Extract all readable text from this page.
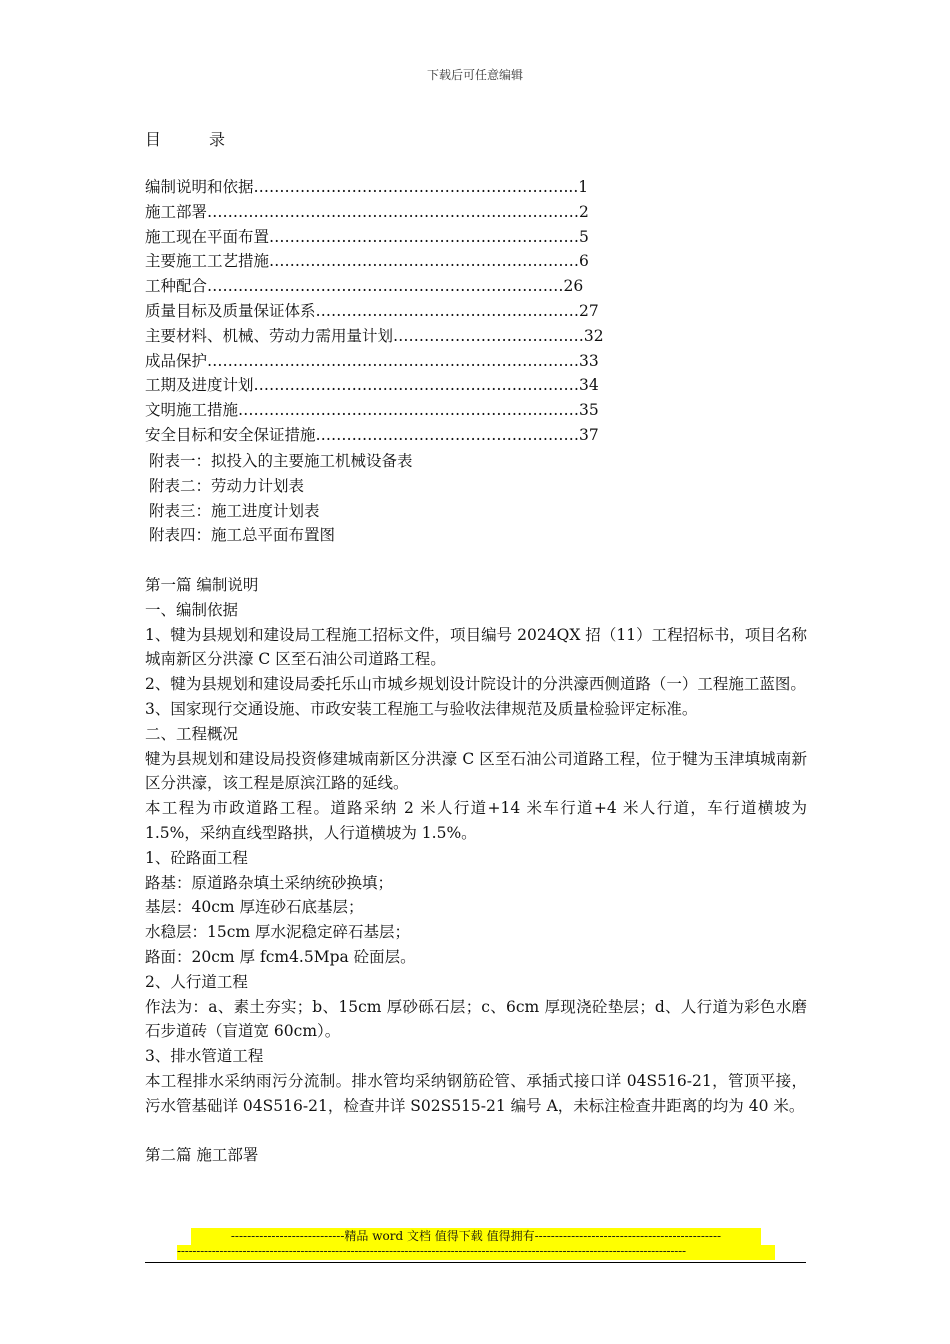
下载后可任意编辑
目	录
编制说明和依据……………………………………………………...1
施工部署………………………………………………………………2
施工现在平面布置……………………………………………………5
主要施工工艺措施……………………………………………………6
工种配合……………………………………………………………26
质量目标及质量保证体系……………………………………………27
主要材料、机械、劳动力需用量计划…………………………….…32
成品保护………………………………………………………………33
工期及进度计划………………………………………………………34
文明施工措施…………………………………………………………35
安全目标和安全保证措施……………………………………………37
附表一：拟投入的主要施工机械设备表
附表二：劳动力计划表
附表三：施工进度计划表
附表四：施工总平面布置图

第一篇 编制说明

一、编制依据

1、犍为县规划和建设局工程施工招标文件，项目编号 2024QX 招（11）工程招标书，项目名称城南新区分洪濠 C 区至石油公司道路工程。

2、犍为县规划和建设局委托乐山市城乡规划设计院设计的分洪濠西侧道路（一）工程施工蓝图。

3、国家现行交通设施、市政安装工程施工与验收法律规范及质量检验评定标准。

二、工程概况

犍为县规划和建设局投资修建城南新区分洪濠 C 区至石油公司道路工程，位于犍为玉津填城南新区分洪濠，该工程是原滨江路的延线。

本工程为市政道路工程。道路采纳 2 米人行道+14 米车行道+4 米人行道，车行道横坡为 1.5%，采纳直线型路拱，人行道横坡为 1.5%。

1、砼路面工程

路基：原道路杂填土采纳统砂换填；

基层：40cm 厚连砂石底基层；

水稳层：15cm 厚水泥稳定碎石基层；

路面：20cm 厚 fcm4.5Mpa 砼面层。

2、人行道工程

作法为：a、素土夯实；b、15cm 厚砂砾石层；c、6cm 厚现浇砼垫层；d、人行道为彩色水磨石步道砖（盲道宽 60cm）。

3、排水管道工程

本工程排水采纳雨污分流制。排水管均采纳钢筋砼管、承插式接口详 04S516-21，管顶平接，污水管基础详 04S516-21，检查井详 S02S515-21 编号 A，未标注检查井距离的均为 40 米。

第二篇 施工部署

----------------------------精品 word 文档 值得下载 值得拥有----------------------------------------------
------------------------------------------------------------------------------------------------------------------------------------
